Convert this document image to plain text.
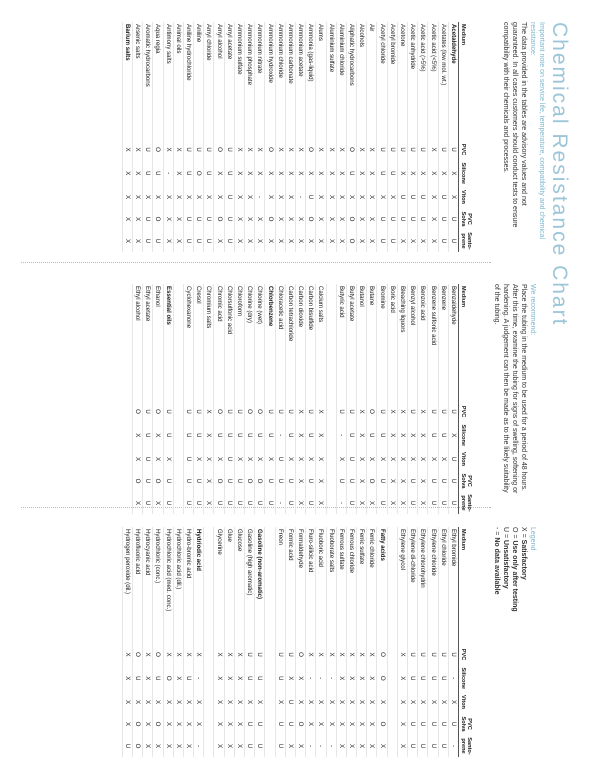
Chemical Resistance Chart
Important note on service life, temperature, compatibility and chemical resistance:
The data provided in the tables are advisory values and not guaranteed. In all cases customers should conduct tests to ensure compatibility with their chemicals and processes.
We recommend:
Place the tubing in the medium to be used for a period of 48 hours. After this time, examine the tubing for signs of swelling, softening or hardening. A judgement can then be made as to the likely suitability of the tubing.
Legend
X = Satisfactory
O = Use only after testing
U = Unsatisfactory
- = No data available
Medium	PVC	Silicone	Viton	PVC Solva	Santo-prene
Acetaldehyde	U	X	X	U	U
Acetates (low mol. wt.)	U	X	U	U	U
Acetic acid (<5%)	X	X	X	X	X
Acetic acid (>5%)	U	X	U	U	X
Acetic anhydride	U	X	U	U	X
Acetone	U	X	U	U	X
Acetyl bromide	U	U	X	U	U
Acetyl chloride	U	U	X	U	U
Air	X	X	X	X	X
Alcohols	X	X	X	X	X
Aliphatic hydrocarbons	O	U	X	O	O
Aluminium chloride	X	X	X	X	X
Aluminium sulfate	X	X	X	X	X
Alums	X	X	X	X	X
Ammonia (gas-liquid)	O	X	U	O	X
Ammonium acetate	X	X	-	X	X
Ammonium carbonate	X	X	X	X	X
Ammonium chloride	X	X	X	X	X
Ammonium hydroxide	O	X	X	O	X
Ammonium nitrate	X	X	-	X	X
Ammonium phosphate	X	X	X	X	X
Ammonium sulfate	X	X	X	X	X
Amyl acetate	U	U	U	U	U
Amyl alcohol	O	X	X	O	X
Amyl chloride	U	U	X	U	U
Aniline	U	O	X	U	U
Aniline hydrochloride	U	U	X	U	U
Animal oils	X	X	X	X	X
Antimony salts	X	-	X	X	X
Aqua regia	O	U	X	O	U
Aromatic hydrocarbons	U	U	X	U	U
Arsenic salts	X	X	X	X	X
Barium salts	X	X	X	X	X
Medium	PVC	Silicone	Viton	PVC Solva	Santo-prene
Benzaldehyde	U	X	U	U	U
Benzene	U	U	X	U	U
Benzene sulfonic acid	U	U	X	U	U
Benzoic acid	X	X	X	X	X
Benzyl alcohol	U	X	X	U	U
Bleaching liquors	X	X	X	X	X
Boric acid	X	X	X	X	X
Bromine	U	U	X	U	U
Butane	O	U	X	O	X
Butanol	X	X	X	X	X
Butyl acetate	U	U	U	U	U
Butyric acid	U	-	X	U	-

Calcium salts	X	X	X	X	X
Carbon bisulfide	U	U	X	U	U
Carbon dioxide	X	X	X	X	X
Carbon tetrachloride	U	U	X	U	U
Chloracetic acid	U	-	U	U	-
Chlorbenzene	U	U	X	U	U
Chlorine (wet)	O	U	X	O	U
Chlorine (dry)	O	U	X	O	U
Chloroform	U	U	X	U	U
Chlorsulfonic acid	U	U	U	U	U
Chromic acid	O	U	X	O	U
Chromium salts	X	X	X	X	X
Cresol	U	U	X	U	U
Cyclohexanone	U	U	U	U	U

Essential oils	U	U	X	U	U
Ethanol	O	X	X	O	X
Ethyl acetate	U	U	U	U	U
Ethyl alcohol	O	X	X	O	X
Medium	PVC	Silicone	Viton	PVC Solva	Santo-prene
Ethyl bromide	U	-	X	U	-
Ethyl chloride	U	U	X	U	U
Ethylene chloride	U	U	X	U	U
Ethylene chlorohydrin	U	U	X	U	U
Ethylene di-chloride	U	U	X	U	U
Ethylene glycol	X	X	X	X	X

Fatty acids	O	O	X	O	X
Ferric chloride	X	X	X	X	X
Ferric sulfate	X	X	X	X	X
Ferrous chloride	X	X	X	X	X
Ferrous sulfate	X	X	X	X	X
Fluoborate salts	X	-	X	X	-
Fluoboric acid	X	-	X	X	-
Fluro-silicic acid	X	-	X	X	-
Formaldehyde	O	X	X	O	X
Formic acid	U	X	U	U	X
Freon	U	U	X	U	U

Gasoline (non-aromatic)	U	U	X	U	U
Gasoline (high aromatic)	U	U	X	U	U
Glucose	X	X	X	X	X
Glue	X	X	X	X	X
Glycerine	X	X	X	X	X

Hydriodic acid	X	-	X	X	-
Hydro-bromic acid	X	U	X	X	X
Hydrochloric acid (dil.)	X	X	X	X	X
Hydrochloric acid (med. conc.)	X	O	X	X	X
Hydrochloric (conc.)	O	U	X	O	X
Hydrocyanic acid	X	X	X	X	X
Hydrofluoric acid	O	U	X	O	O
Hydrogen peroxide (dil.)	X	X	X	X	U
